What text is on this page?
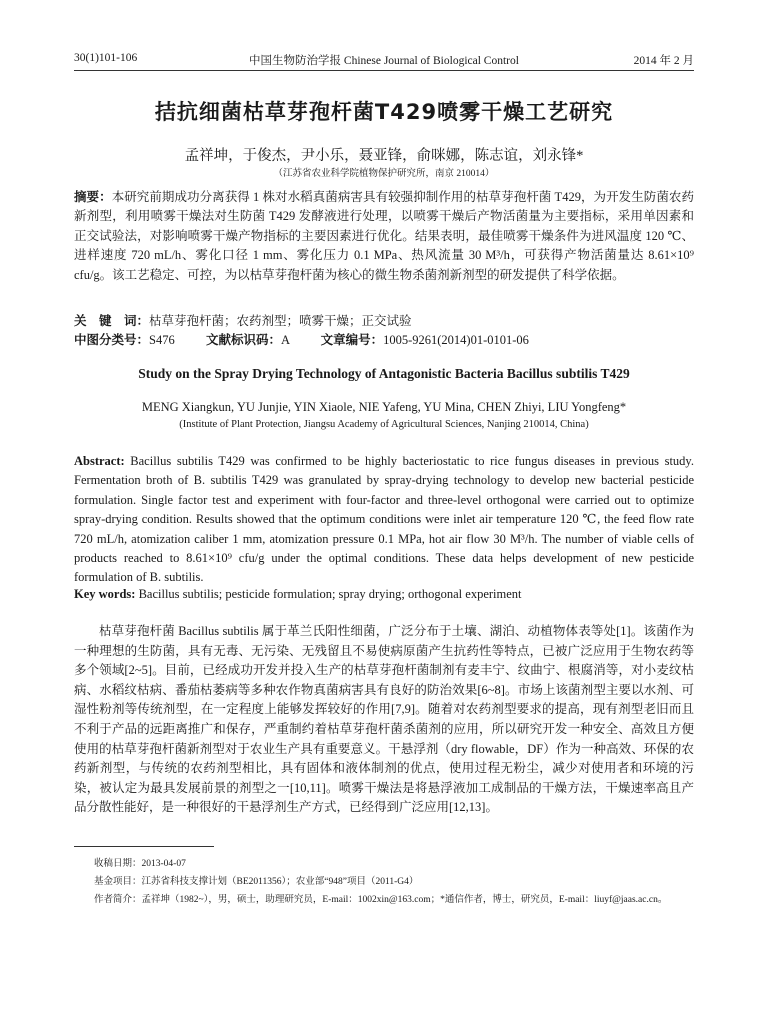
30(1)101-106	中国生物防治学报 Chinese Journal of Biological Control	2014 年 2 月
拮抗细菌枯草芽孢杆菌T429喷雾干燥工艺研究
孟祥坤，于俊杰，尹小乐，聂亚锋，俞咪娜，陈志谊，刘永锋*
（江苏省农业科学院植物保护研究所，南京 210014）
摘要：本研究前期成功分离获得 1 株对水稻真菌病害具有较强抑制作用的枯草芽孢杆菌 T429，为开发生防菌农药新剂型，利用喷雾干燥法对生防菌 T429 发酵液进行处理，以喷雾干燥后产物活菌量为主要指标，采用单因素和正交试验法，对影响喷雾干燥产物指标的主要因素进行优化。结果表明，最佳喷雾干燥条件为进风温度 120 ℃、进样速度 720 mL/h、雾化口径 1 mm、雾化压力 0.1 MPa、热风流量 30 M³/h，可获得产物活菌量达 8.61×10⁹ cfu/g。该工艺稳定、可控，为以枯草芽孢杆菌为核心的微生物杀菌剂新剂型的研发提供了科学依据。
关　键　词：枯草芽孢杆菌；农药剂型；喷雾干燥；正交试验
中图分类号：S476	文献标识码：A	文章编号：1005-9261(2014)01-0101-06
Study on the Spray Drying Technology of Antagonistic Bacteria Bacillus subtilis T429
MENG Xiangkun, YU Junjie, YIN Xiaole, NIE Yafeng, YU Mina, CHEN Zhiyi, LIU Yongfeng*
(Institute of Plant Protection, Jiangsu Academy of Agricultural Sciences, Nanjing 210014, China)
Abstract: Bacillus subtilis T429 was confirmed to be highly bacteriostatic to rice fungus diseases in previous study. Fermentation broth of B. subtilis T429 was granulated by spray-drying technology to develop new bacterial pesticide formulation. Single factor test and experiment with four-factor and three-level orthogonal were carried out to optimize spray-drying condition. Results showed that the optimum conditions were inlet air temperature 120 ℃, the feed flow rate 720 mL/h, atomization caliber 1 mm, atomization pressure 0.1 MPa, hot air flow 30 M³/h. The number of viable cells of products reached to 8.61×10⁹ cfu/g under the optimal conditions. These data helps development of new pesticide formulation of B. subtilis.
Key words: Bacillus subtilis; pesticide formulation; spray drying; orthogonal experiment
枯草芽孢杆菌 Bacillus subtilis 属于革兰氏阳性细菌，广泛分布于土壤、湖泊、动植物体表等处[1]。该菌作为一种理想的生防菌，具有无毒、无污染、无残留且不易使病原菌产生抗药性等特点，已被广泛应用于生物农药等多个领域[2~5]。目前，已经成功开发并投入生产的枯草芽孢杆菌制剂有麦丰宁、纹曲宁、根腐消等，对小麦纹枯病、水稻纹枯病、番茄枯萎病等多种农作物真菌病害具有良好的防治效果[6~8]。市场上该菌剂型主要以水剂、可湿性粉剂等传统剂型，在一定程度上能够发挥较好的作用[7,9]。随着对农药剂型要求的提高，现有剂型老旧而且不利于产品的远距离推广和保存，严重制约着枯草芽孢杆菌杀菌剂的应用，所以研究开发一种安全、高效且方便使用的枯草芽孢杆菌新剂型对于农业生产具有重要意义。干悬浮剂（dry flowable，DF）作为一种高效、环保的农药新剂型，与传统的农药剂型相比，具有固体和液体制剂的优点，使用过程无粉尘，减少对使用者和环境的污染，被认定为最具发展前景的剂型之一[10,11]。喷雾干燥法是将悬浮液加工成制品的干燥方法，干燥速率高且产品分散性能好，是一种很好的干悬浮剂生产方式，已经得到广泛应用[12,13]。
收稿日期：2013-04-07
基金项目：江苏省科技支撑计划（BE2011356）；农业部“948”项目（2011-G4）
作者简介：孟祥坤（1982~），男，硕士，助理研究员，E-mail：1002xin@163.com；*通信作者，博士，研究员，E-mail：liuyf@jaas.ac.cn。
